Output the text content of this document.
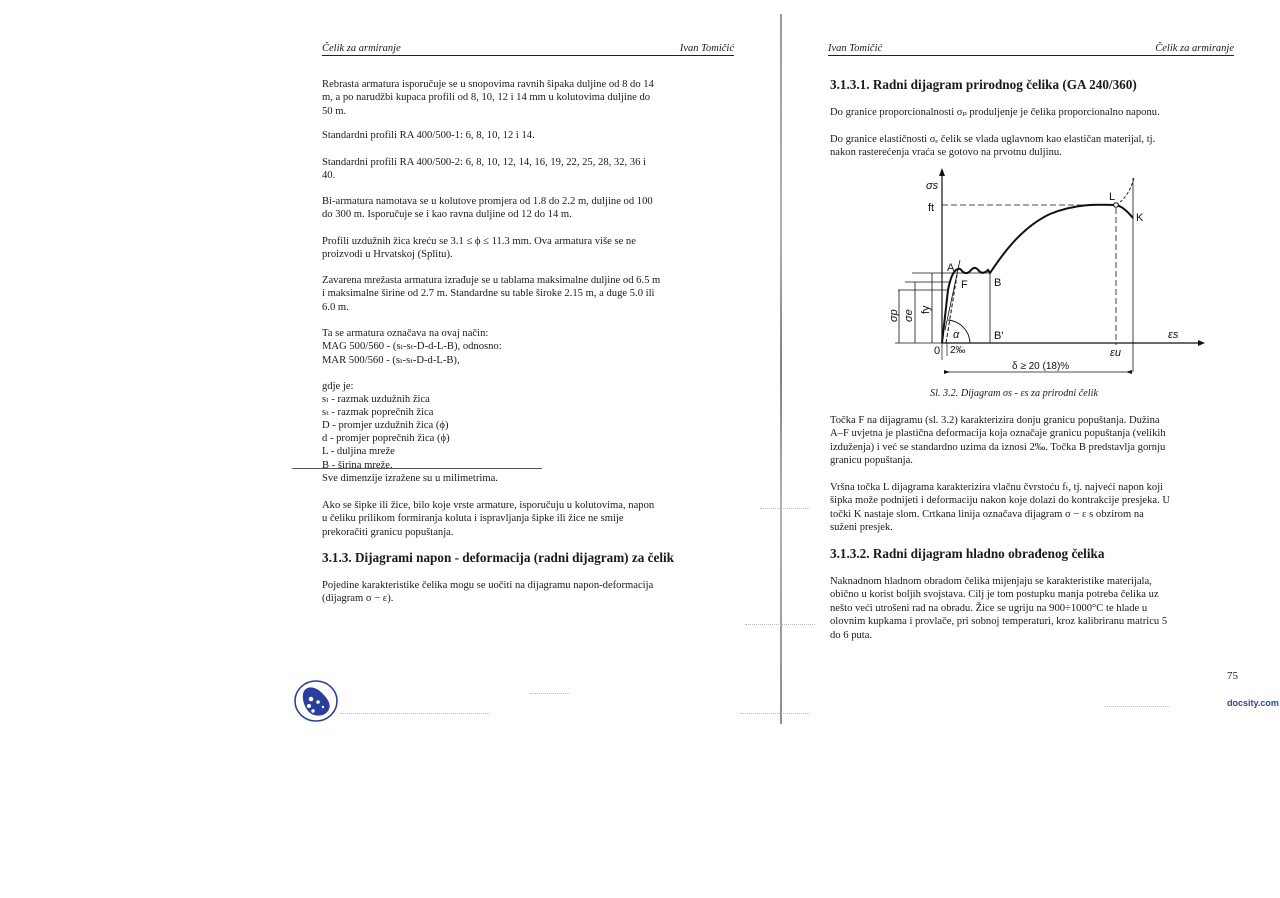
Čelik za armiranje	Ivan Tomičić

Rebrasta armatura isporučuje se u snopovima ravnih šipaka duljine od 8 do 14
m, a po narudžbi kupaca profili od 8, 10, 12 i 14 mm u kolutovima duljine do
50 m.

Standardni profili RA 400/500-1: 6, 8, 10, 12 i 14.

Standardni profili RA 400/500-2: 6, 8, 10, 12, 14, 16, 19, 22, 25, 28, 32, 36 i
40.

Bi-armatura namotava se u kolutove promjera od 1.8 do 2.2 m, duljine od 100
do 300 m. Isporučuje se i kao ravna duljine od 12 do 14 m.

Profili uzdužnih žica kreću se 3.1 ≤ ϕ ≤ 11.3 mm. Ova armatura više se ne
proizvodi u Hrvatskoj (Splitu).

Zavarena mrežasta armatura izrađuje se u tablama maksimalne duljine od 6.5 m
i maksimalne širine od 2.7 m. Standardne su table široke 2.15 m, a duge 5.0 ili
6.0 m.

Ta se armatura označava na ovaj način:
MAG 500/560 - (sₗ-sₜ-D-d-L-B), odnosno:
MAR 500/560 - (sₗ-sₜ-D-d-L-B),

gdje je:
sₗ - razmak uzdužnih žica
sₜ - razmak poprečnih žica
D - promjer uzdužnih žica (ϕ)
d - promjer poprečnih žica (ϕ)
L - duljina mreže
B - širina mreže.
Sve dimenzije izražene su u milimetrima.

Ako se šipke ili žice, bilo koje vrste armature, isporučuju u kolutovima, napon
u čeliku prilikom formiranja koluta i ispravljanja šipke ili žice ne smije
prekoračiti granicu popuštanja.

3.1.3. Dijagrami napon - deformacija (radni dijagram) za čelik

Pojedine karakteristike čelika mogu se uočiti na dijagramu napon-deformacija
(dijagram σ − ε).

Ivan Tomičić	Čelik za armiranje
3.1.3.1. Radni dijagram prirodnog čelika (GA 240/360)

Do granice proporcionalnosti σₚ produljenje je čelika proporcionalno naponu.

Do granice elastičnosti σₑ čelik se vlada uglavnom kao elastičan materijal, tj.
nakon rasterećenja vraća se gotovo na prvotnu duljinu.

Točka F na dijagramu (sl. 3.2) karakterizira donju granicu popuštanja. Dužina
A–F uvjetna je plastična deformacija koja označaje granicu popuštanja (velikih
izduženja) i već se standardno uzima da iznosi 2‰. Točka B predstavlja gornju
granicu popuštanja.

Vršna točka L dijagrama karakterizira vlačnu čvrstoću fₜ, tj. najveći napon koji
šipka može podnijeti i deformaciju nakon koje dolazi do kontrakcije presjeka. U
točki K nastaje slom. Crtkana linija označava dijagram σ − ε s obzirom na
suženi presjek.

3.1.3.2. Radni dijagram hladno obrađenog čelika

Naknadnom hladnom obradom čelika mijenjaju se karakteristike materijala,
obično u korist boljih svojstava. Cilj je tom postupku manja potreba čelika uz
nešto veći utrošeni rad na obradu. Žice se ugriju na 900÷1000°C te hlade u
olovnim kupkama i provlače, pri sobnoj temperaturi, kroz kalibriranu matricu 5
do 6 puta.

σs
ft
A
F B
B'
L
K
0 2‰	εu
εs
α
δ ≥ 20 (18)%
σp σe fy
Sl. 3.2. Dijagram σs - εs za prirodni čelik
75
docsity.com
